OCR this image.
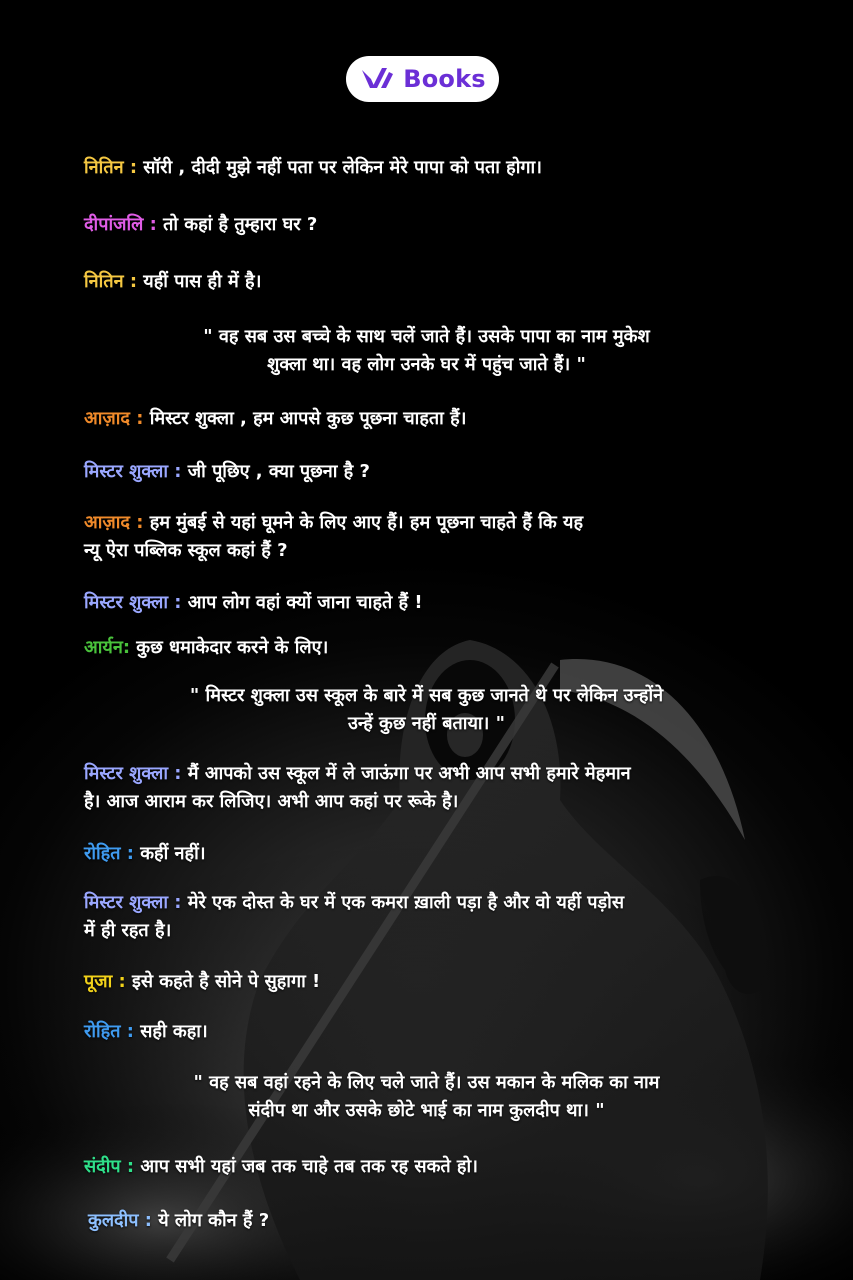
Books
नितिन : सॉरी , दीदी मुझे नहीं पता पर लेकिन मेरे पापा को पता होगा।
दीपांजलि : तो कहां है तुम्हारा घर ?
नितिन : यहीं पास ही में है।
" वह सब उस बच्चे के साथ चलें जाते हैं। उसके पापा का नाम मुकेश
शुक्ला था। वह लोग उनके घर में पहुंच जाते हैं। "
आज़ाद : मिस्टर शुक्ला , हम आपसे कुछ पूछना चाहता हैं।
मिस्टर शुक्ला : जी पूछिए , क्या पूछना है ?
आज़ाद : हम मुंबई से यहां घूमने के लिए आए हैं। हम पूछना चाहते हैं कि यह
न्यू ऐरा पब्लिक स्कूल कहां हैं ?
मिस्टर शुक्ला : आप लोग वहां क्यों जाना चाहते हैं !
आर्यन: कुछ धमाकेदार करने के लिए।
" मिस्टर शुक्ला उस स्कूल के बारे में सब कुछ जानते थे पर लेकिन उन्होंने
उन्हें कुछ नहीं बताया। "
मिस्टर शुक्ला : मैं आपको उस स्कूल में ले जाऊंगा पर अभी आप सभी हमारे मेहमान
है। आज आराम कर लिजिए। अभी आप कहां पर रूके है।
रोहित : कहीं नहीं।
मिस्टर शुक्ला : मेरे एक दोस्त के घर में एक कमरा ख़ाली पड़ा है और वो यहीं पड़ोस
में ही रहत है।
पूजा : इसे कहते है सोने पे सुहागा !
रोहित : सही कहा।
" वह सब वहां रहने के लिए चले जाते हैं। उस मकान के मलिक का नाम
संदीप था और उसके छोटे भाई का नाम कुलदीप था। "
संदीप : आप सभी यहां जब तक चाहे तब तक रह सकते हो।
कुलदीप : ये लोग कौन हैं ?
